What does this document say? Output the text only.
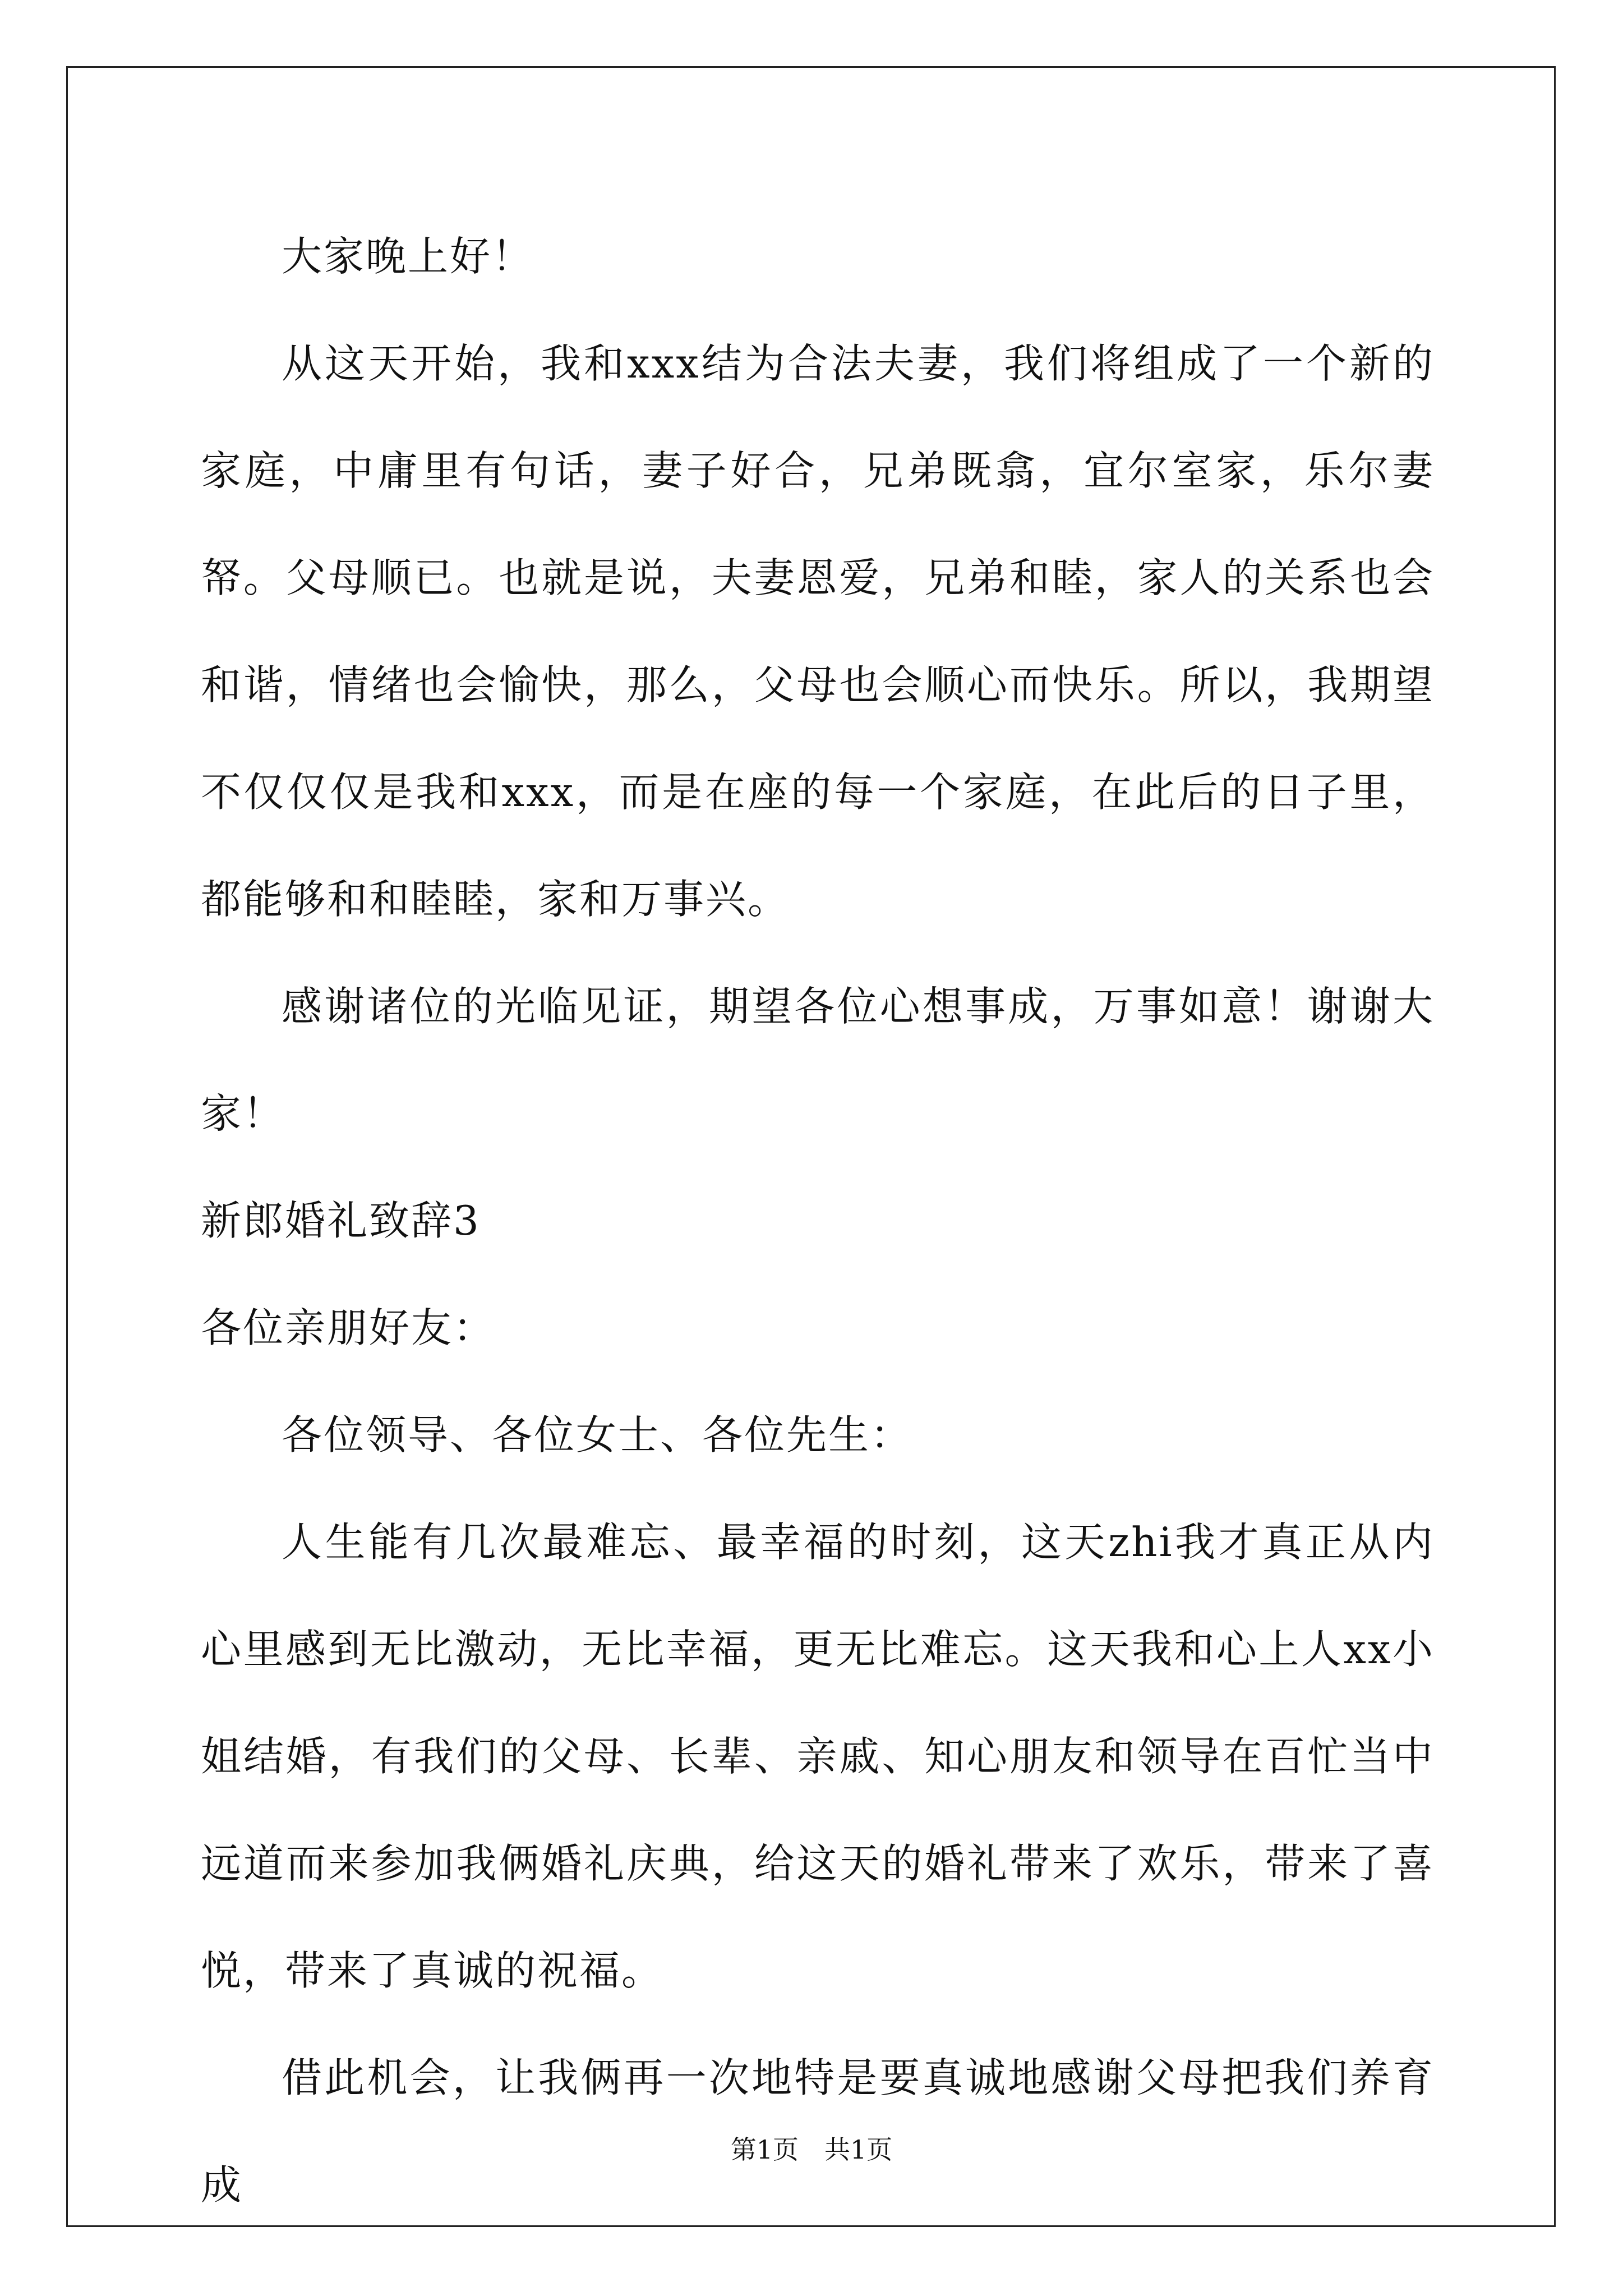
大家晚上好！

从这天开始，我和xxx结为合法夫妻，我们将组成了一个新的家庭，中庸里有句话，妻子好合，兄弟既翕，宜尔室家，乐尔妻帑。父母顺已。也就是说，夫妻恩爱，兄弟和睦，家人的关系也会和谐，情绪也会愉快，那么，父母也会顺心而快乐。所以，我期望不仅仅仅是我和xxx，而是在座的每一个家庭，在此后的日子里，都能够和和睦睦，家和万事兴。

感谢诸位的光临见证，期望各位心想事成，万事如意！谢谢大家！

新郎婚礼致辞3

各位亲朋好友：

各位领导、各位女士、各位先生：

人生能有几次最难忘、最幸福的时刻，这天zhi我才真正从内心里感到无比激动，无比幸福，更无比难忘。这天我和心上人xx小姐结婚，有我们的父母、长辈、亲戚、知心朋友和领导在百忙当中远道而来参加我俩婚礼庆典，给这天的婚礼带来了欢乐，带来了喜悦，带来了真诚的祝福。

借此机会，让我俩再一次地特是要真诚地感谢父母把我们养育成

第1页　共1页
